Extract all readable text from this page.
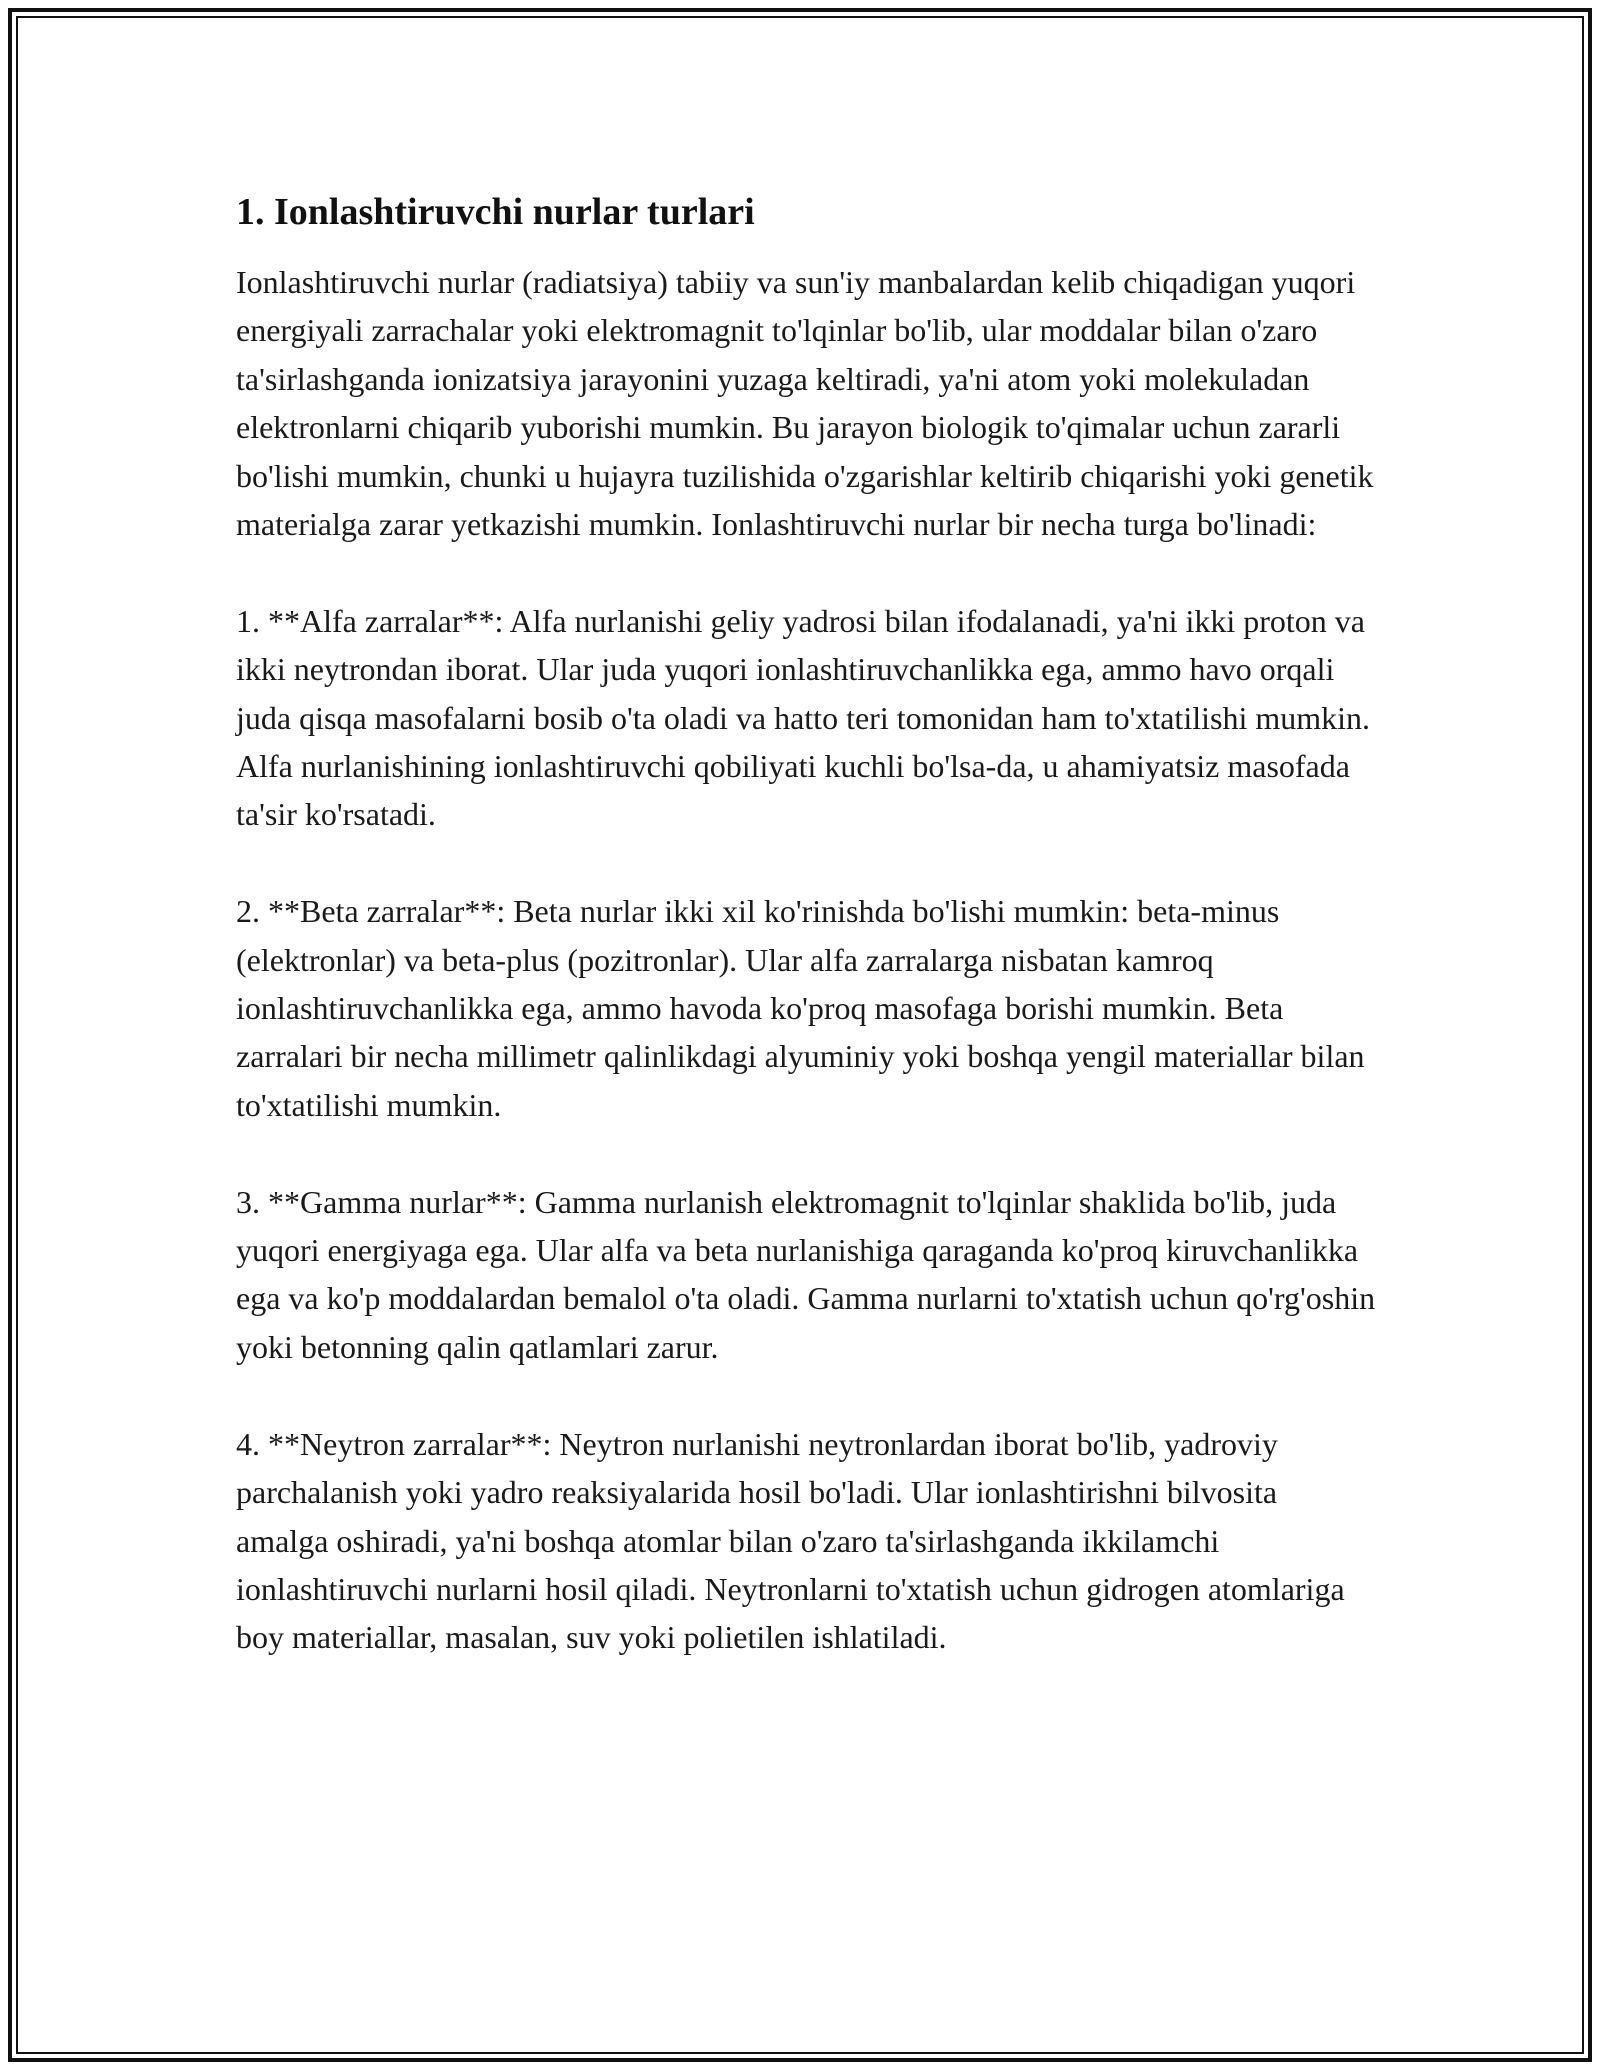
1. Ionlashtiruvchi nurlar turlari

Ionlashtiruvchi nurlar (radiatsiya) tabiiy va sun'iy manbalardan kelib chiqadigan yuqori energiyali zarrachalar yoki elektromagnit to'lqinlar bo'lib, ular moddalar bilan o'zaro ta'sirlashganda ionizatsiya jarayonini yuzaga keltiradi, ya'ni atom yoki molekuladan elektronlarni chiqarib yuborishi mumkin. Bu jarayon biologik to'qimalar uchun zararli bo'lishi mumkin, chunki u hujayra tuzilishida o'zgarishlar keltirib chiqarishi yoki genetik materialga zarar yetkazishi mumkin. Ionlashtiruvchi nurlar bir necha turga bo'linadi:

1. **Alfa zarralar**: Alfa nurlanishi geliy yadrosi bilan ifodalanadi, ya'ni ikki proton va ikki neytrondan iborat. Ular juda yuqori ionlashtiruvchanlikka ega, ammo havo orqali juda qisqa masofalarni bosib o'ta oladi va hatto teri tomonidan ham to'xtatilishi mumkin. Alfa nurlanishining ionlashtiruvchi qobiliyati kuchli bo'lsa-da, u ahamiyatsiz masofada ta'sir ko'rsatadi.

2. **Beta zarralar**: Beta nurlar ikki xil ko'rinishda bo'lishi mumkin: beta-minus (elektronlar) va beta-plus (pozitronlar). Ular alfa zarralarga nisbatan kamroq ionlashtiruvchanlikka ega, ammo havoda ko'proq masofaga borishi mumkin. Beta zarralari bir necha millimetr qalinlikdagi alyuminiy yoki boshqa yengil materiallar bilan to'xtatilishi mumkin.

3. **Gamma nurlar**: Gamma nurlanish elektromagnit to'lqinlar shaklida bo'lib, juda yuqori energiyaga ega. Ular alfa va beta nurlanishiga qaraganda ko'proq kiruvchanlikka ega va ko'p moddalardan bemalol o'ta oladi. Gamma nurlarni to'xtatish uchun qo'rg'oshin yoki betonning qalin qatlamlari zarur.

4. **Neytron zarralar**: Neytron nurlanishi neytronlardan iborat bo'lib, yadroviy parchalanish yoki yadro reaksiyalarida hosil bo'ladi. Ular ionlashtirishni bilvosita amalga oshiradi, ya'ni boshqa atomlar bilan o'zaro ta'sirlashganda ikkilamchi ionlashtiruvchi nurlarni hosil qiladi. Neytronlarni to'xtatish uchun gidrogen atomlariga boy materiallar, masalan, suv yoki polietilen ishlatiladi.
